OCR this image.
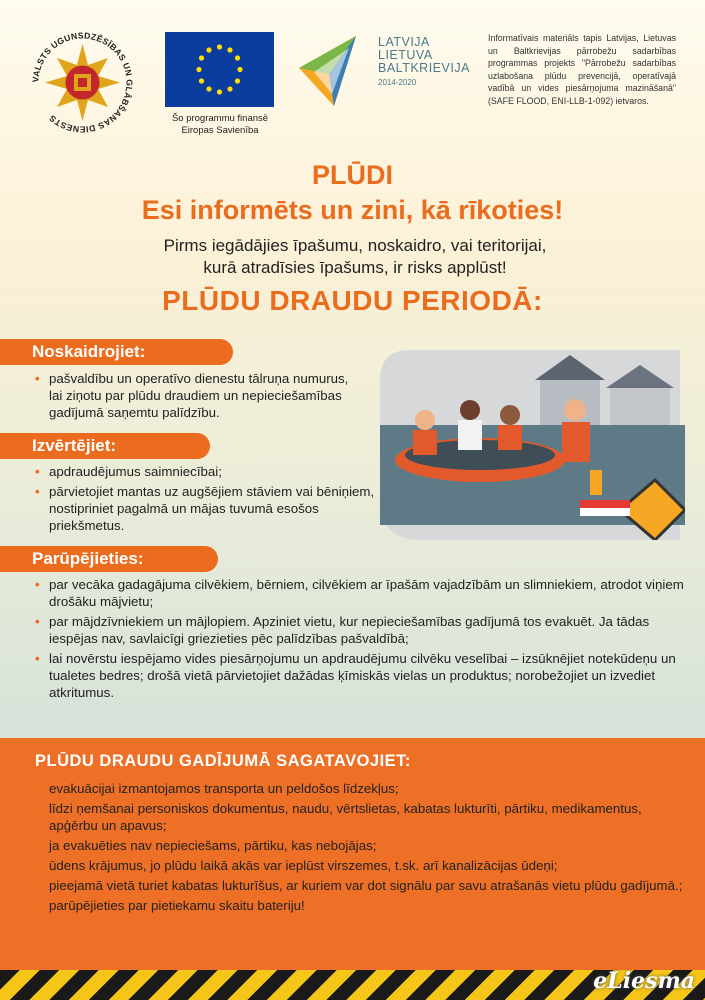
VALSTS UGUNSDZĒSĪBAS UN GLĀBŠANAS DIENESTS	Šo programmu finansē Eiropas Savienība
LATVIJA
LIETUVA
BALTKRIEVIJA
2014-2020
Informatīvais materiāls tapis Latvijas, Lietuvas un Baltkrievijas pārrobežu sadarbības programmas projekts "Pārrobežu sadarbības uzlabošana plūdu prevencijā, operatīvajā vadībā un vides piesārņojuma mazināšanā" (SAFE FLOOD, ENI-LLB-1-092) ietvaros.
PLŪDI
Esi informēts un zini, kā rīkoties!
Pirms iegādājies īpašumu, noskaidro, vai teritorijai, kurā atradīsies īpašums, ir risks applūst!
PLŪDU DRAUDU PERIODĀ:
Noskaidrojiet:
• pašvaldību un operatīvo dienestu tālruņa numurus, lai ziņotu par plūdu draudiem un nepieciešamības gadījumā saņemtu palīdzību.
Izvērtējiet:
• apdraudējumus saimniecībai;
• pārvietojiet mantas uz augšējiem stāviem vai bēniņiem, nostipriniet pagalmā un mājas tuvumā esošos priekšmetus.
Parūpējieties:
• par vecāka gadagājuma cilvēkiem, bērniem, cilvēkiem ar īpašām vajadzībām un slimniekiem, atrodot viņiem drošāku mājvietu;
• par mājdzīvniekiem un mājlopiem. Apziniet vietu, kur nepieciešamības gadījumā tos evakuēt. Ja tādas iespējas nav, savlaicīgi griezieties pēc palīdzības pašvaldībā;
• lai novērstu iespējamo vides piesārņojumu un apdraudējumu cilvēku veselībai – izsūknējiet notekūdeņu un tualetes bedres; drošā vietā pārvietojiet dažādas ķīmiskās vielas un produktus; norobežojiet un izvediet atkritumus.
PLŪDU DRAUDU GADĪJUMĀ SAGATAVOJIET:
• evakuācijai izmantojamos transporta un peldošos līdzekļus;
• līdzi ņemšanai personiskos dokumentus, naudu, vērtslietas, kabatas lukturīti, pārtiku, medikamentus, apģērbu un apavus;
• ja evakuēties nav nepieciešams, pārtiku, kas nebojājas;
• ūdens krājumus, jo plūdu laikā akās var ieplūst virszemes, t.sk. arī kanalizācijas ūdeņi;
• pieejamā vietā turiet kabatas lukturīšus, ar kuriem var dot signālu par savu atrašanās vietu plūdu gadījumā.;
• parūpējieties par pietiekamu skaitu bateriju!
eLiesma
